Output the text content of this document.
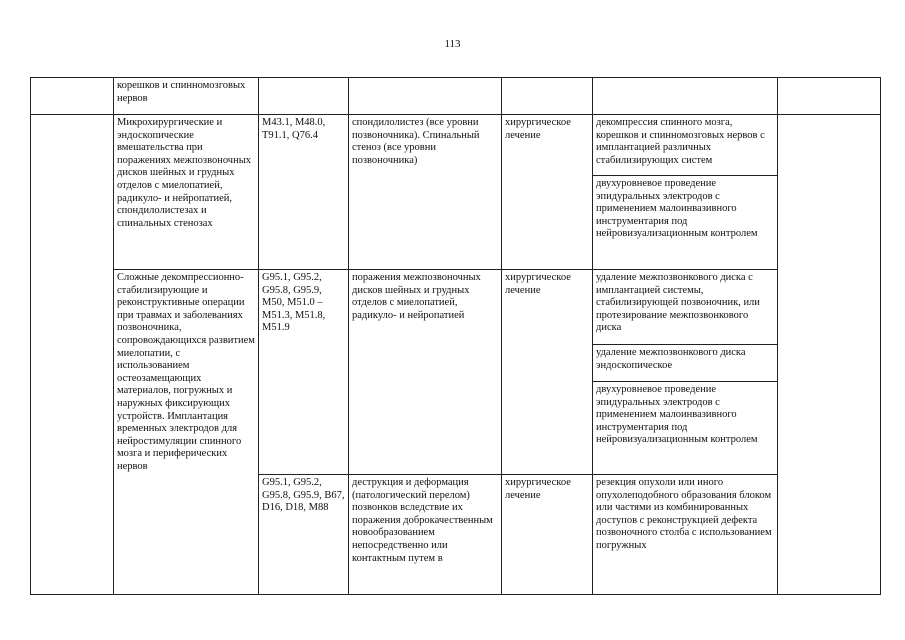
113

	корешков и спинномозговых нервов					

	Микрохирургические и эндоскопические вмешательства при поражениях межпозвоночных дисков шейных и грудных отделов с миелопатией, радикуло- и нейропатией, спондилолистезах и спинальных стенозах	M43.1, M48.0, T91.1, Q76.4	спондилолистез (все уровни позвоночника). Спинальный стеноз (все уровни позвоночника)	хирургическое лечение	декомпрессия спинного мозга, корешков и спинномозговых нервов с имплантацией различных стабилизирующих систем	

					двухуровневое проведение эпидуральных электродов с применением малоинвазивного инструментария под нейровизуализационным контролем	

	Сложные декомпрессионно-стабилизирующие и реконструктивные операции при травмах и заболеваниях позвоночника, сопровождающихся развитием миелопатии, с использованием остеозамещающих материалов, погружных и наружных фиксирующих устройств. Имплантация временных электродов для нейростимуляции спинного мозга и периферических нервов	G95.1, G95.2, G95.8, G95.9, M50, M51.0 – M51.3, M51.8, M51.9	поражения межпозвоночных дисков шейных и грудных отделов с миелопатией, радикуло- и нейропатией	хирургическое лечение	удаление межпозвонкового диска с имплантацией системы, стабилизирующей позвоночник, или протезирование межпозвонкового диска	

					удаление межпозвонкового диска эндоскопическое	

					двухуровневое проведение эпидуральных электродов с применением малоинвазивного инструментария под нейровизуализационным контролем	

		G95.1, G95.2, G95.8, G95.9, B67, D16, D18, M88	деструкция и деформация (патологический перелом) позвонков вследствие их поражения доброкачественным новообразованием непосредственно или контактным путем в	хирургическое лечение	резекция опухоли или иного опухолеподобного образования блоком или частями из комбинированных доступов с реконструкцией дефекта позвоночного столба с использованием погружных	
